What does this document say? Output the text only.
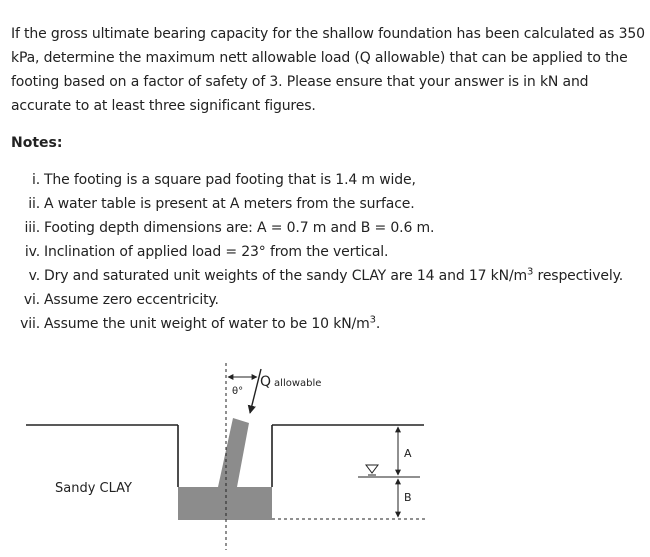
If the gross ultimate bearing capacity for the shallow foundation has been calculated as 350 kPa, determine the maximum nett allowable load (Q allowable) that can be applied to the footing based on a factor of safety of 3. Please ensure that your answer is in kN and accurate to at least three significant figures.
Notes:
i. The footing is a square pad footing that is 1.4 m wide,
ii. A water table is present at A meters from the surface.
iii. Footing depth dimensions are: A = 0.7 m and B = 0.6 m.
iv. Inclination of applied load = 23° from the vertical.
v. Dry and saturated unit weights of the sandy CLAY are 14 and 17 $kN/m^3$ respectively.
vi. Assume zero eccentricity.
vii. Assume the unit weight of water to be 10 $kN/m^3$.
θ°
Q allowable
Sandy CLAY
A
B
